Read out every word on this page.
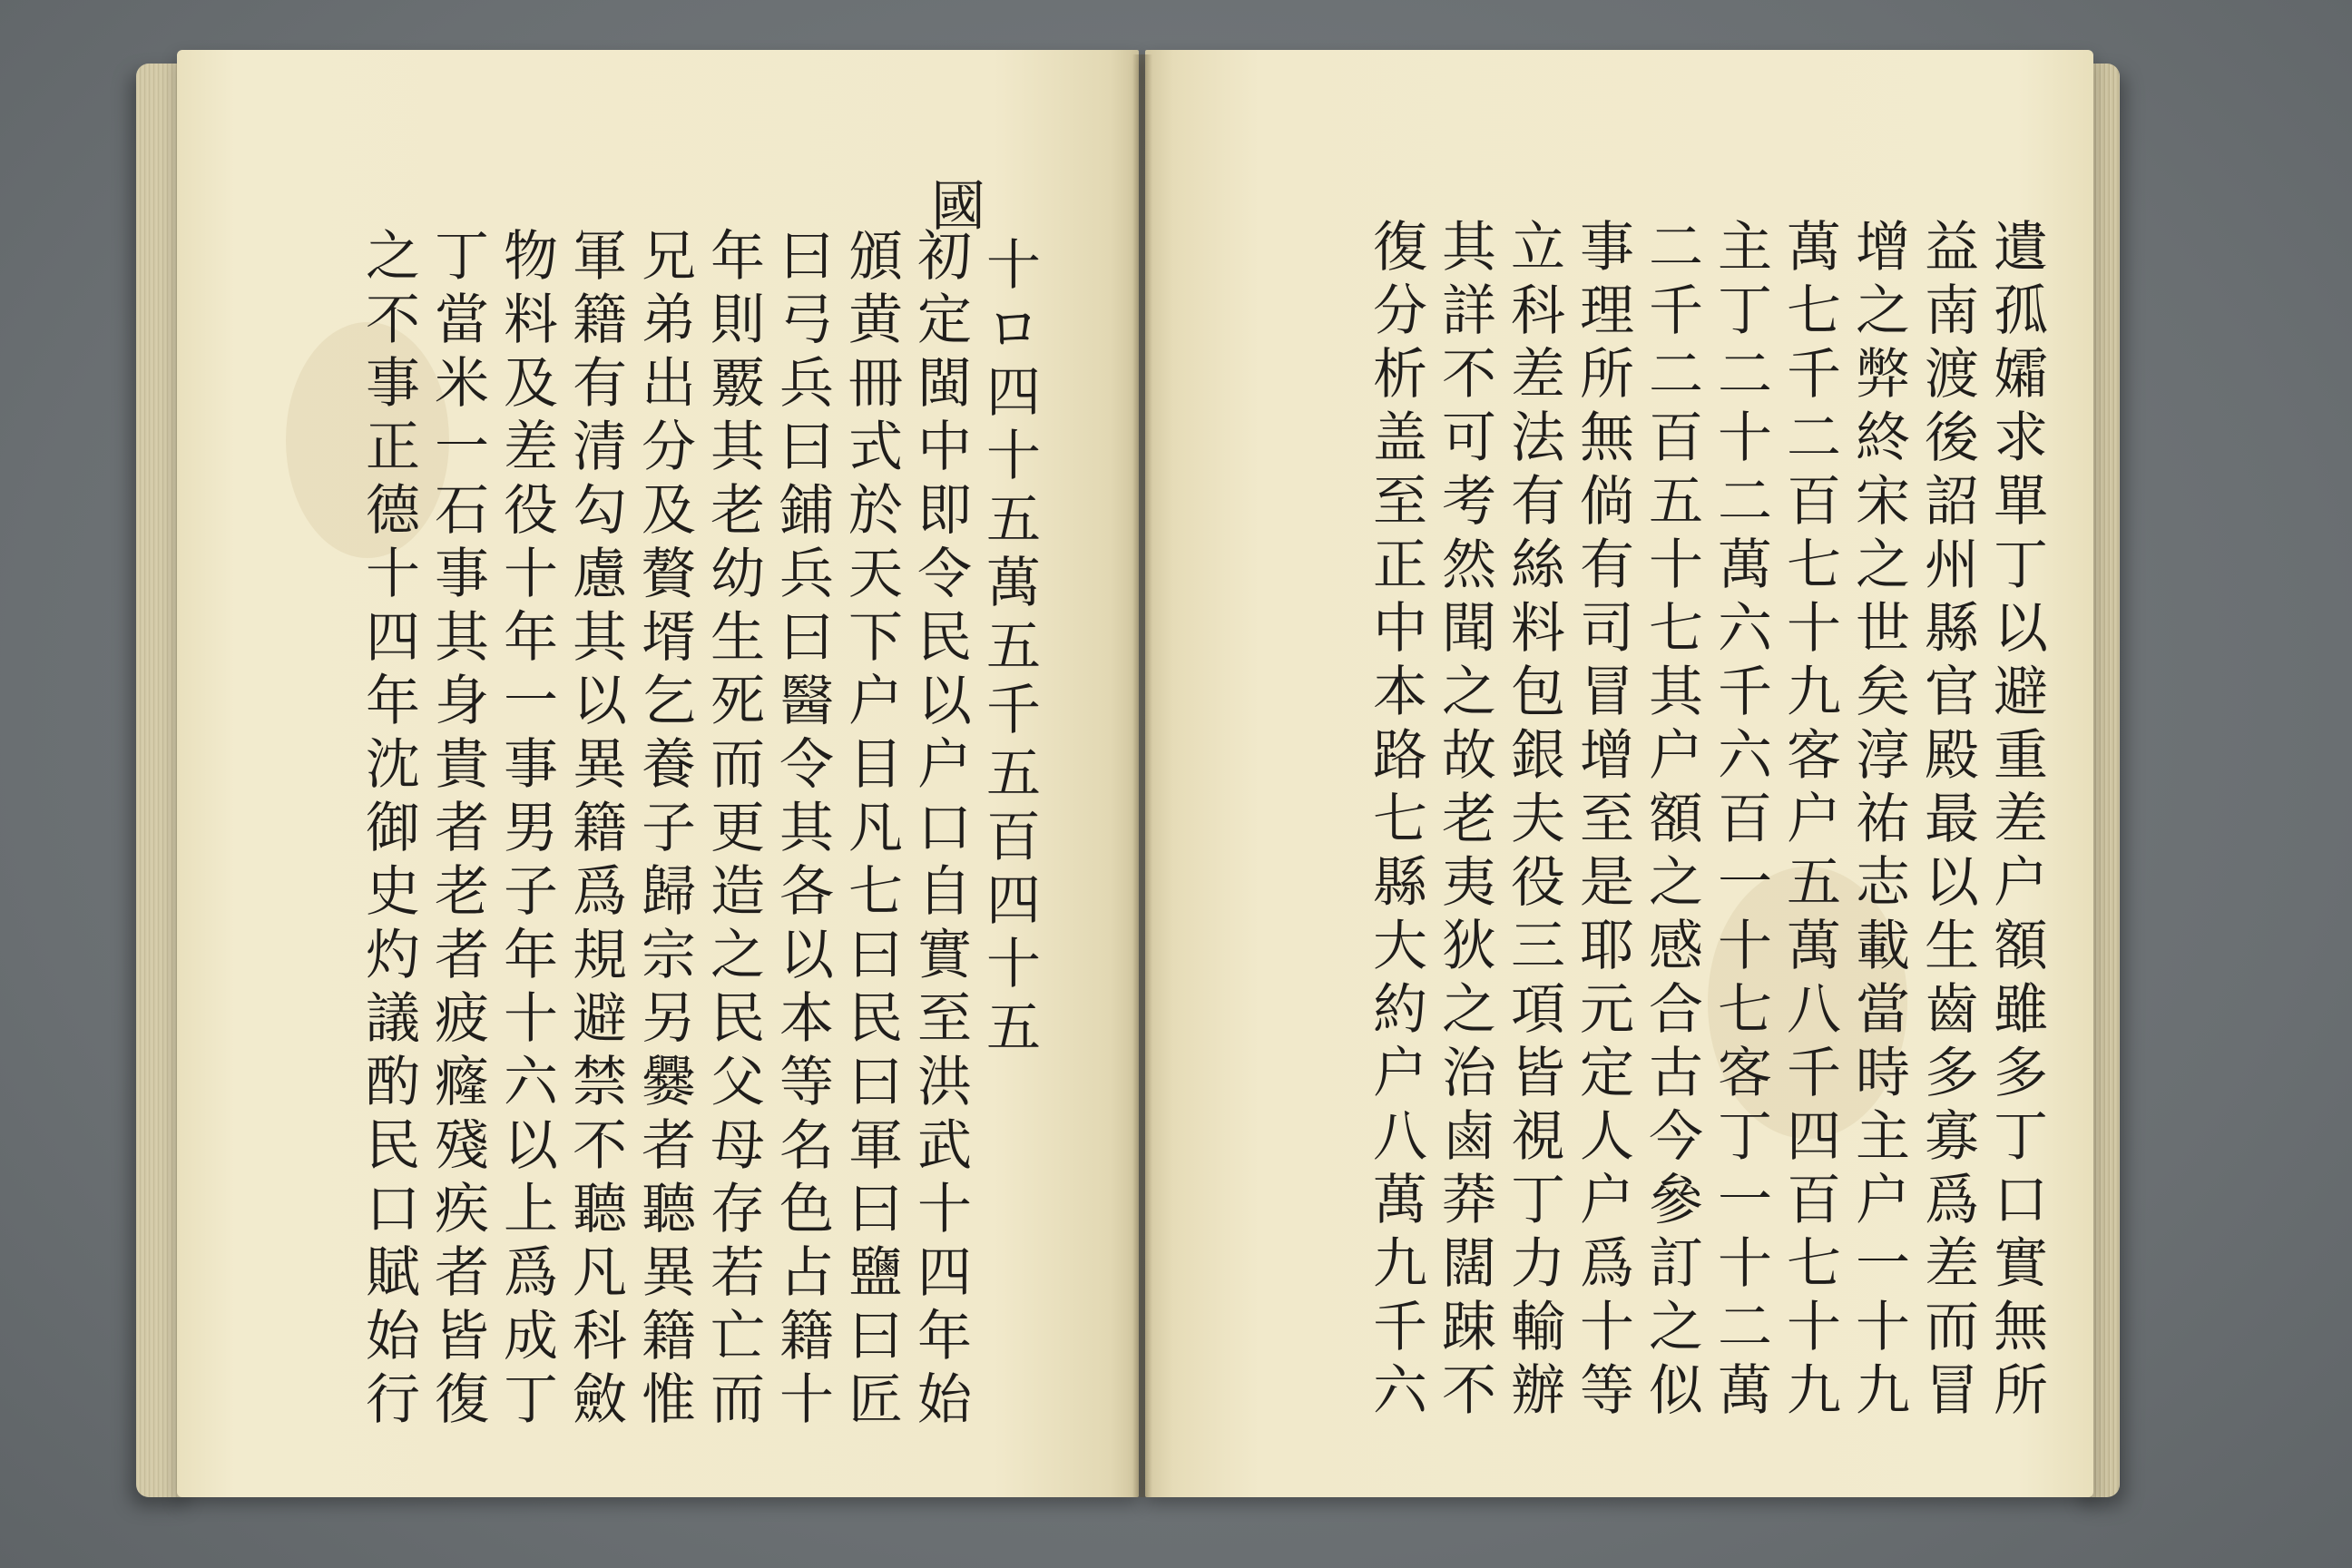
國
十ロ四十五萬五千五百四十五
初定閩中即令民以户口自實至洪武十四年始
頒黄冊式於天下户目凡七曰民曰軍曰鹽曰匠
曰弓兵曰鋪兵曰醫令其各以本等名色占籍十
年則覈其老幼生死而更造之民父母存若亡而
兄弟出分及贅壻乞養子歸宗另爨者聽異籍惟
軍籍有清勾慮其以異籍爲規避禁不聽凡科斂
物料及差役十年一事男子年十六以上爲成丁
丁當米一石事其身貴者老者疲癃殘疾者皆復
之不事正德十四年沈御史灼議酌民口賦始行	遺孤孀求單丁以避重差户額雖多丁口實無所
益南渡後詔州縣官殿最以生齒多寡爲差而冒
增之弊終宋之世矣淳祐志載當時主户一十九
萬七千二百七十九客户五萬八千四百七十九
主丁二十二萬六千六百一十七客丁一十二萬
二千二百五十七其户額之感合古今參訂之似
事理所無倘有司冒增至是耶元定人户爲十等
立科差法有絲料包銀夫役三項皆視丁力輸辦
其詳不可考然聞之故老夷狄之治鹵莽闊踈不
復分析盖至正中本路七縣大約户八萬九千六
